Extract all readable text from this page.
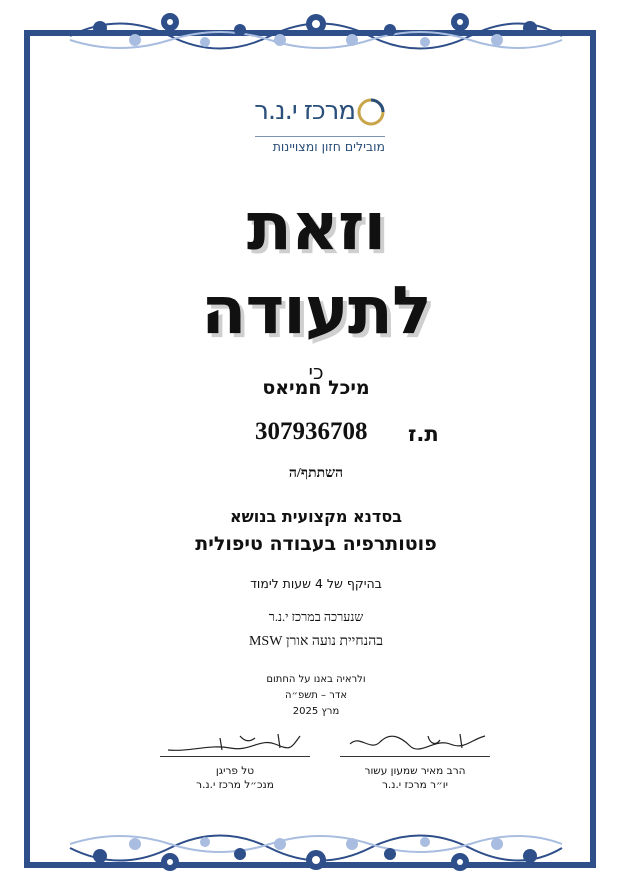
מרכז י.נ.ר
מובילים חזון ומצויינות
וזאת
לתעודה
כי
מיכל חמיאס
307936708 ת.ז
השתתף/ה
בסדנא מקצועית בנושא
פוטותרפיה בעבודה טיפולית
בהיקף של 4 שעות לימוד
שנערכה במרכז י.נ.ר
בהנחיית נועה אורן MSW
ולראיה באנו על החתום
אדר – תשפ״ה
מרץ 2025
טל פריגן
מנכ״ל מרכז י.נ.ר
הרב מאיר שמעון עשור
יו״ר מרכז י.נ.ר
